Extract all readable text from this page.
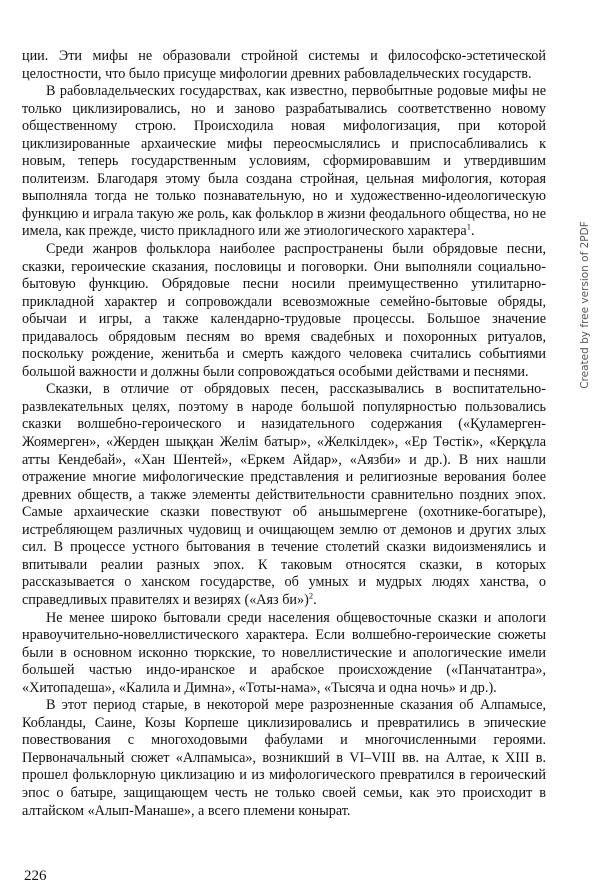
ции. Эти мифы не образовали стройной системы и философско-эстетической целостности, что было присуще мифологии древних рабовладельческих государств.

В рабовладельческих государствах, как известно, первобытные родовые мифы не только циклизировались, но и заново разрабатывались соответственно новому общественному строю. Происходила новая мифологизация, при которой циклизированные архаические мифы переосмыслялись и приспосабливались к новым, теперь государственным условиям, сформировавшим и утвердившим политеизм. Благодаря этому была создана стройная, цельная мифология, которая выполняла тогда не только познавательную, но и художественно-идеологическую функцию и играла такую же роль, как фольклор в жизни феодального общества, но не имела, как прежде, чисто прикладного или же этиологического характера$^1$.

Среди жанров фольклора наиболее распространены были обрядовые песни, сказки, героические сказания, пословицы и поговорки. Они выполняли социально-бытовую функцию. Обрядовые песни носили преимущественно утилитарно-прикладной характер и сопровождали всевозможные семейно-бытовые обряды, обычаи и игры, а также календарно-трудовые процессы. Большое значение придавалось обрядовым песням во время свадебных и похоронных ритуалов, поскольку рождение, женитьба и смерть каждого человека считались событиями большой важности и должны были сопровождаться особыми действами и песнями.

Сказки, в отличие от обрядовых песен, рассказывались в воспитательно-развлекательных целях, поэтому в народе большой популярностью пользовались сказки волшебно-героического и назидательного содержания («Қуламерген-Жоямерген», «Жерден шыққан Желім батыр», «Желкілдек», «Ер Төстік», «Керқұла атты Кендебай», «Хан Шентей», «Еркем Айдар», «Аязби» и др.). В них нашли отражение многие мифологические представления и религиозные верования более древних обществ, а также элементы действительности сравнительно поздних эпох. Самые архаические сказки повествуют об аньшымергене (охотнике-богатыре), истребляющем различных чудовищ и очищающем землю от демонов и других злых сил. В процессе устного бытования в течение столетий сказки видоизменялись и впитывали реалии разных эпох. К таковым относятся сказки, в которых рассказывается о ханском государстве, об умных и мудрых людях ханства, о справедливых правителях и везирях («Аяз би»)$^2$.

Не менее широко бытовали среди населения общевосточные сказки и апологи нравоучительно-новеллистического характера. Если волшебно-героические сюжеты были в основном исконно тюркские, то новеллистические и апологические имели большей частью индо-иранское и арабское происхождение («Панчатантра», «Хитопадеша», «Калила и Димна», «Тоты-нама», «Тысяча и одна ночь» и др.).

В этот период старые, в некоторой мере разрозненные сказания об Алпамысе, Кобланды, Саине, Козы Корпеше циклизировались и превратились в эпические повествования с многоходовыми фабулами и многочисленными героями. Первоначальный сюжет «Алпамыса», возникший в VI–VIII вв. на Алтае, к XIII в. прошел фольклорную циклизацию и из мифологического превратился в героический эпос о батыре, защищающем честь не только своей семьи, как это происходит в алтайском «Алып-Манаше», а всего племени конырат.

226
Created by free version of 2PDF
